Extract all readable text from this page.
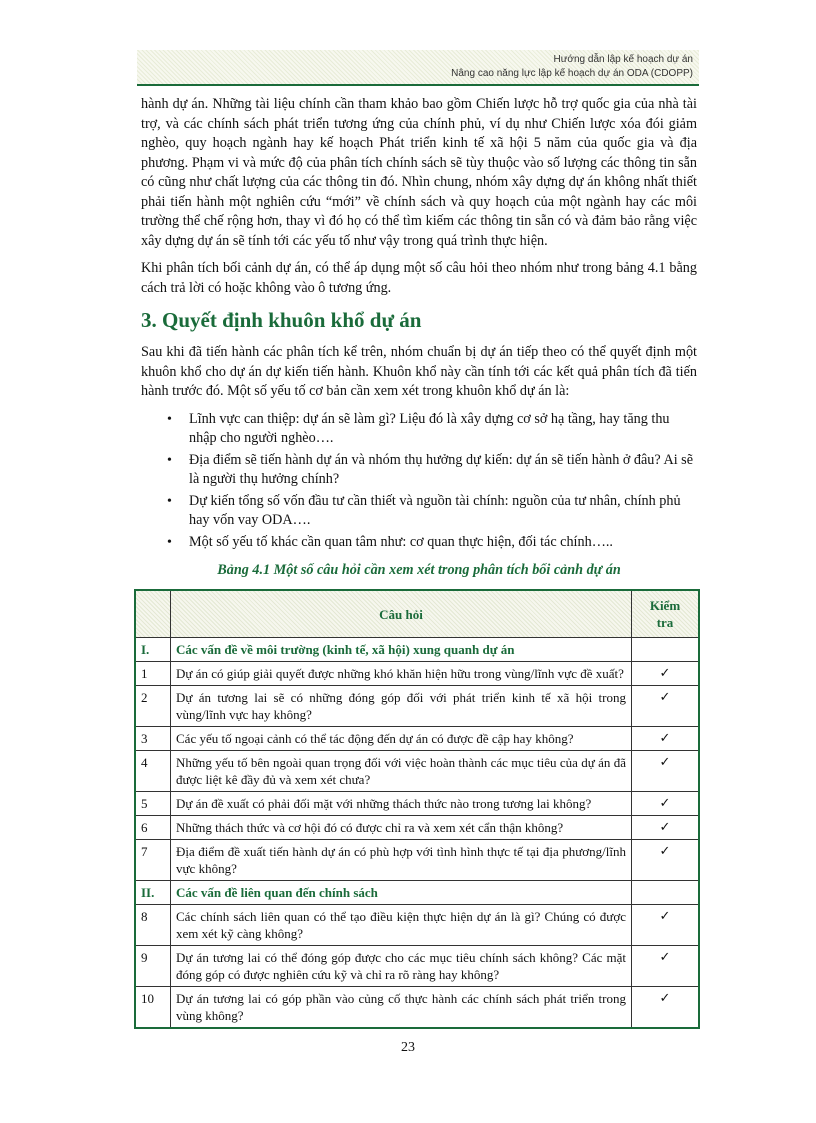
Hướng dẫn lập kế hoạch dự án
Nâng cao năng lực lập kế hoạch dự án ODA (CDOPP)

hành dự án. Những tài liệu chính cần tham khảo bao gồm Chiến lược hỗ trợ quốc gia của nhà tài trợ, và các chính sách phát triển tương ứng của chính phủ, ví dụ như Chiến lược xóa đói giảm nghèo, quy hoạch ngành hay kế hoạch Phát triển kinh tế xã hội 5 năm của quốc gia và địa phương. Phạm vi và mức độ của phân tích chính sách sẽ tùy thuộc vào số lượng các thông tin sẵn có cũng như chất lượng của các thông tin đó. Nhìn chung, nhóm xây dựng dự án không nhất thiết phải tiến hành một nghiên cứu “mới” về chính sách và quy hoạch của một ngành hay các môi trường thể chế rộng hơn, thay vì đó họ có thể tìm kiếm các thông tin sẵn có và đảm bảo rằng việc xây dựng dự án sẽ tính tới các yếu tố như vậy trong quá trình thực hiện.

Khi phân tích bối cảnh dự án, có thể áp dụng một số câu hỏi theo nhóm như trong bảng 4.1 bằng cách trả lời có hoặc không vào ô tương ứng.

3. Quyết định khuôn khổ dự án

Sau khi đã tiến hành các phân tích kể trên, nhóm chuẩn bị dự án tiếp theo có thể quyết định một khuôn khổ cho dự án dự kiến tiến hành. Khuôn khổ này cần tính tới các kết quả phân tích đã tiến hành trước đó. Một số yếu tố cơ bản cần xem xét trong khuôn khổ dự án là:

• Lĩnh vực can thiệp: dự án sẽ làm gì? Liệu đó là xây dựng cơ sở hạ tầng, hay tăng thu nhập cho người nghèo….
• Địa điểm sẽ tiến hành dự án và nhóm thụ hưởng dự kiến: dự án sẽ tiến hành ở đâu? Ai sẽ là người thụ hưởng chính?
• Dự kiến tổng số vốn đầu tư cần thiết và nguồn tài chính: nguồn của tư nhân, chính phủ hay vốn vay ODA….
• Một số yếu tố khác cần quan tâm như: cơ quan thực hiện, đối tác chính…..
Bảng 4.1 Một số câu hỏi cần xem xét trong phân tích bối cảnh dự án
	Câu hỏi	Kiểm
tra
I.	Các vấn đề về môi trường (kinh tế, xã hội) xung quanh dự án	
1	Dự án có giúp giải quyết được những khó khăn hiện hữu trong vùng/lĩnh vực đề xuất?	✓
2	Dự án tương lai sẽ có những đóng góp đối với phát triển kinh tế xã hội trong vùng/lĩnh vực hay không?	✓
3	Các yếu tố ngoại cảnh có thể tác động đến dự án có được đề cập hay không?	✓
4	Những yếu tố bên ngoài quan trọng đối với việc hoàn thành các mục tiêu của dự án đã được liệt kê đầy đủ và xem xét chưa?	✓
5	Dự án đề xuất có phải đối mặt với những thách thức nào trong tương lai không?	✓
6	Những thách thức và cơ hội đó có được chỉ ra và xem xét cẩn thận không?	✓
7	Địa điểm đề xuất tiến hành dự án có phù hợp với tình hình thực tế tại địa phương/lĩnh vực không?	✓
II.	Các vấn đề liên quan đến chính sách	
8	Các chính sách liên quan có thể tạo điều kiện thực hiện dự án là gì? Chúng có được xem xét kỹ càng không?	✓
9	Dự án tương lai có thể đóng góp được cho các mục tiêu chính sách không? Các mặt đóng góp có được nghiên cứu kỹ và chỉ ra rõ ràng hay không?	✓
10	Dự án tương lai có góp phần vào củng cố thực hành các chính sách phát triển trong vùng không?	✓
23
